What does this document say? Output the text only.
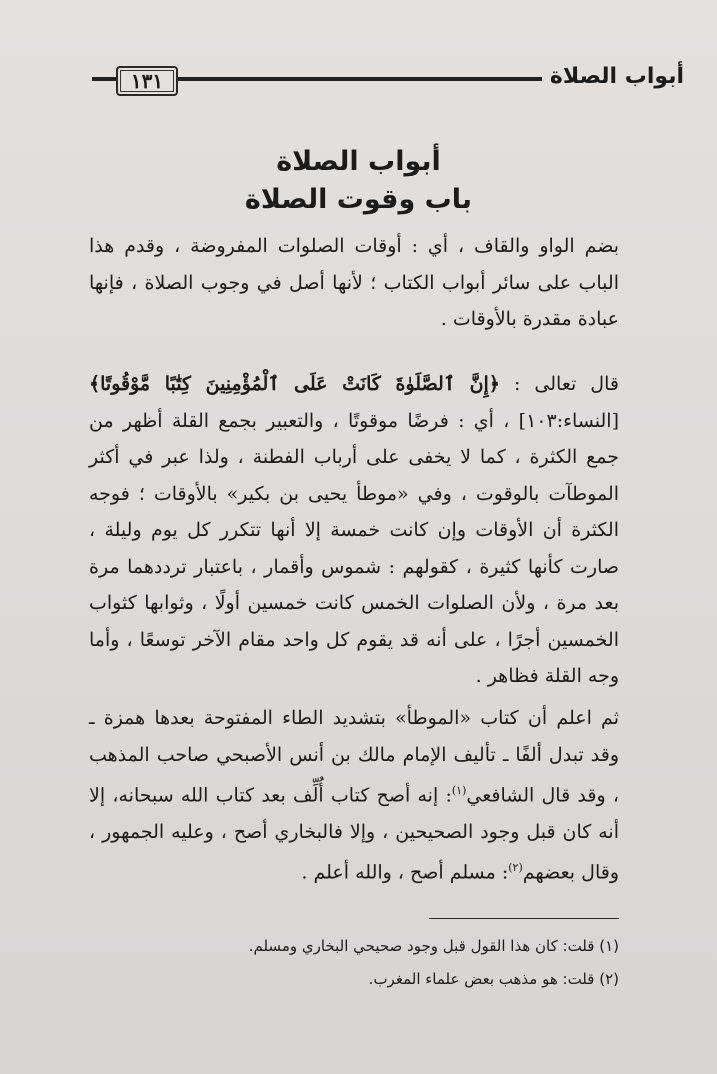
١٣١	أبواب الصلاة
أبواب الصلاة
باب وقوت الصلاة
بضم الواو والقاف ، أي : أوقات الصلوات المفروضة ، وقدم هذا الباب على سائر أبواب الكتاب ؛ لأنها أصل في وجوب الصلاة ، فإنها عبادة مقدرة بالأوقات .
قال تعالى : ﴿إِنَّ ٱلصَّلَوٰةَ كَانَتْ عَلَى ٱلْمُؤْمِنِينَ كِتَٰبًا مَّوْقُوتًا﴾ [النساء:١٠٣] ، أي : فرضًا موقوتًا ، والتعبير بجمع القلة أظهر من جمع الكثرة ، كما لا يخفى على أرباب الفطنة ، ولذا عبر في أكثر الموطآت بالوقوت ، وفي «موطأ يحيى بن بكير» بالأوقات ؛ فوجه الكثرة أن الأوقات وإن كانت خمسة إلا أنها تتكرر كل يوم وليلة ، صارت كأنها كثيرة ، كقولهم : شموس وأقمار ، باعتبار ترددهما مرة بعد مرة ، ولأن الصلوات الخمس كانت خمسين أولًا ، وثوابها كثواب الخمسين أجرًا ، على أنه قد يقوم كل واحد مقام الآخر توسعًا ، وأما وجه القلة فظاهر .
ثم اعلم أن كتاب «الموطأ» بتشديد الطاء المفتوحة بعدها همزة ـ وقد تبدل ألفًا ـ تأليف الإمام مالك بن أنس الأصبحي صاحب المذهب ، وقد قال الشافعي$^{(١)}$: إنه أصح كتاب أُلِّف بعد كتاب الله سبحانه، إلا أنه كان قبل وجود الصحيحين ، وإلا فالبخاري أصح ، وعليه الجمهور ، وقال بعضهم$^{(٢)}$: مسلم أصح ، والله أعلم .
(١) قلت: كان هذا القول قبل وجود صحيحي البخاري ومسلم.
(٢) قلت: هو مذهب بعض علماء المغرب.
